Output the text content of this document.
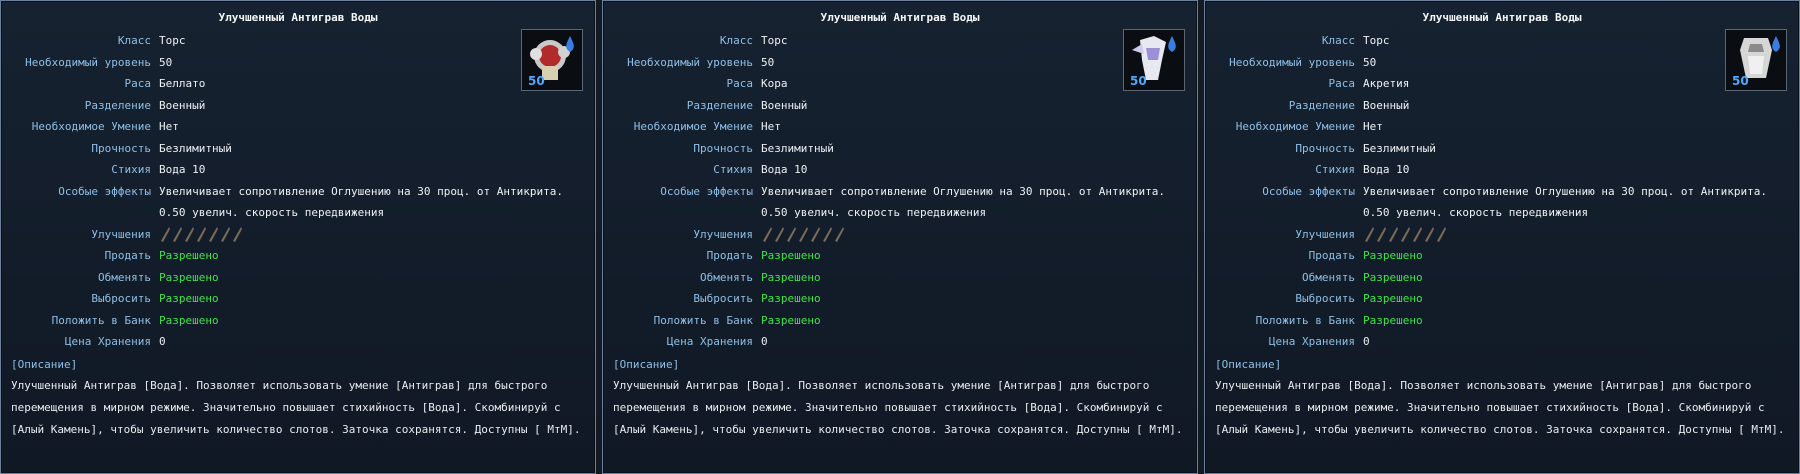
Улучшенный Антиграв Воды
50
Класс Торс
Необходимый уровень 50
Раса Беллато
Разделение Военный
Необходимое Умение Нет
Прочность Безлимитный
Стихия Вода 10
Особые эффекты Увеличивает сопротивление Оглушению на 30 проц. от Антикрита. 0.50 увелич. скорость передвижения
Улучшения
Продать Разрешено
Обменять Разрешено
Выбросить Разрешено
Положить в Банк Разрешено
Цена Хранения 0
[Описание]
Улучшенный Антиграв [Вода]. Позволяет использовать умение [Антиграв] для быстрого перемещения в мирном режиме. Значительно повышает стихийность [Вода]. Скомбинируй с [Алый Камень], чтобы увеличить количество слотов. Заточка сохранятся. Доступны [ МтМ].
Улучшенный Антиграв Воды
50
Класс Торс
Необходимый уровень 50
Раса Кора
Разделение Военный
Необходимое Умение Нет
Прочность Безлимитный
Стихия Вода 10
Особые эффекты Увеличивает сопротивление Оглушению на 30 проц. от Антикрита. 0.50 увелич. скорость передвижения
Улучшения
Продать Разрешено
Обменять Разрешено
Выбросить Разрешено
Положить в Банк Разрешено
Цена Хранения 0
[Описание]
Улучшенный Антиграв [Вода]. Позволяет использовать умение [Антиграв] для быстрого перемещения в мирном режиме. Значительно повышает стихийность [Вода]. Скомбинируй с [Алый Камень], чтобы увеличить количество слотов. Заточка сохранятся. Доступны [ МтМ].
Улучшенный Антиграв Воды
50
Класс Торс
Необходимый уровень 50
Раса Акретия
Разделение Военный
Необходимое Умение Нет
Прочность Безлимитный
Стихия Вода 10
Особые эффекты Увеличивает сопротивление Оглушению на 30 проц. от Антикрита. 0.50 увелич. скорость передвижения
Улучшения
Продать Разрешено
Обменять Разрешено
Выбросить Разрешено
Положить в Банк Разрешено
Цена Хранения 0
[Описание]
Улучшенный Антиграв [Вода]. Позволяет использовать умение [Антиграв] для быстрого перемещения в мирном режиме. Значительно повышает стихийность [Вода]. Скомбинируй с [Алый Камень], чтобы увеличить количество слотов. Заточка сохранятся. Доступны [ МтМ].
